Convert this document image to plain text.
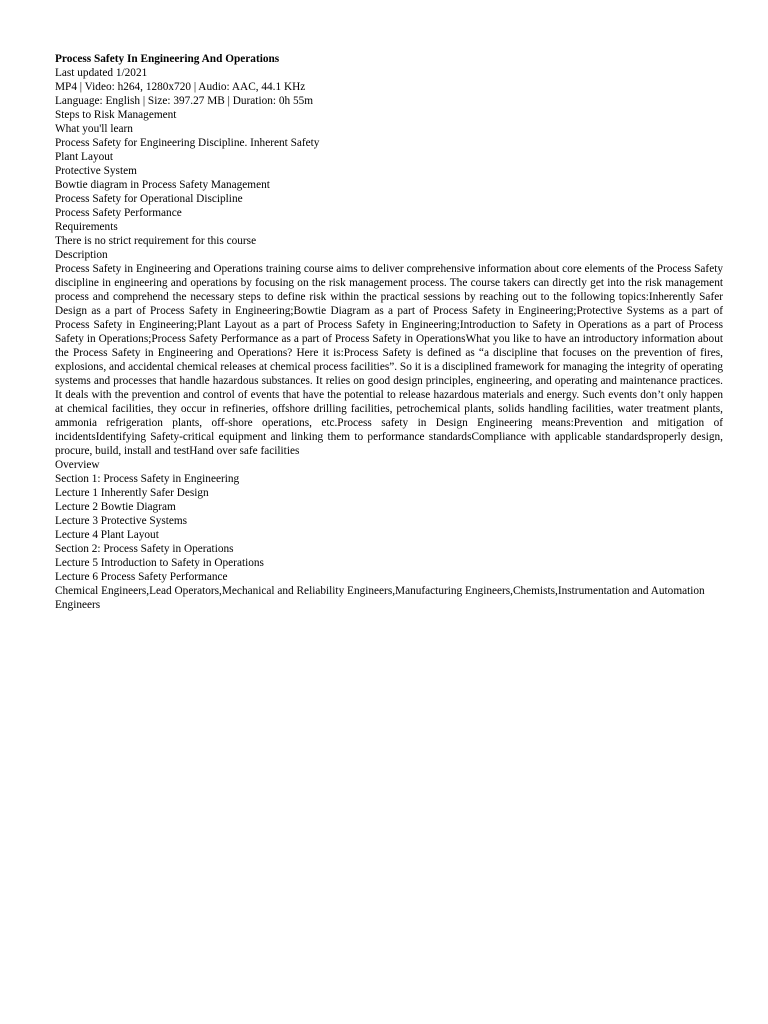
Process Safety In Engineering And Operations
Last updated 1/2021
MP4 | Video: h264, 1280x720 | Audio: AAC, 44.1 KHz
Language: English | Size: 397.27 MB | Duration: 0h 55m
Steps to Risk Management
What you'll learn
Process Safety for Engineering Discipline. Inherent Safety
Plant Layout
Protective System
Bowtie diagram in Process Safety Management
Process Safety for Operational Discipline
Process Safety Performance
Requirements
There is no strict requirement for this course
Description
Process Safety in Engineering and Operations training course aims to deliver comprehensive information about core elements of the Process Safety discipline in engineering and operations by focusing on the risk management process. The course takers can directly get into the risk management process and comprehend the necessary steps to define risk within the practical sessions by reaching out to the following topics:Inherently Safer Design as a part of Process Safety in Engineering;Bowtie Diagram as a part of Process Safety in Engineering;Protective Systems as a part of Process Safety in Engineering;Plant Layout as a part of Process Safety in Engineering;Introduction to Safety in Operations as a part of Process Safety in Operations;Process Safety Performance as a part of Process Safety in OperationsWhat you like to have an introductory information about the Process Safety in Engineering and Operations? Here it is:Process Safety is defined as “a discipline that focuses on the prevention of fires, explosions, and accidental chemical releases at chemical process facilities”. So it is a disciplined framework for managing the integrity of operating systems and processes that handle hazardous substances. It relies on good design principles, engineering, and operating and maintenance practices. It deals with the prevention and control of events that have the potential to release hazardous materials and energy. Such events don’t only happen at chemical facilities, they occur in refineries, offshore drilling facilities, petrochemical plants, solids handling facilities, water treatment plants, ammonia refrigeration plants, off-shore operations, etc.Process safety in Design Engineering means:Prevention and mitigation of incidentsIdentifying Safety-critical equipment and linking them to performance standardsCompliance with applicable standardsproperly design, procure, build, install and testHand over safe facilities
Overview
Section 1: Process Safety in Engineering
Lecture 1 Inherently Safer Design
Lecture 2 Bowtie Diagram
Lecture 3 Protective Systems
Lecture 4 Plant Layout
Section 2: Process Safety in Operations
Lecture 5 Introduction to Safety in Operations
Lecture 6 Process Safety Performance
Chemical Engineers,Lead Operators,Mechanical and Reliability Engineers,Manufacturing Engineers,Chemists,Instrumentation and Automation Engineers
